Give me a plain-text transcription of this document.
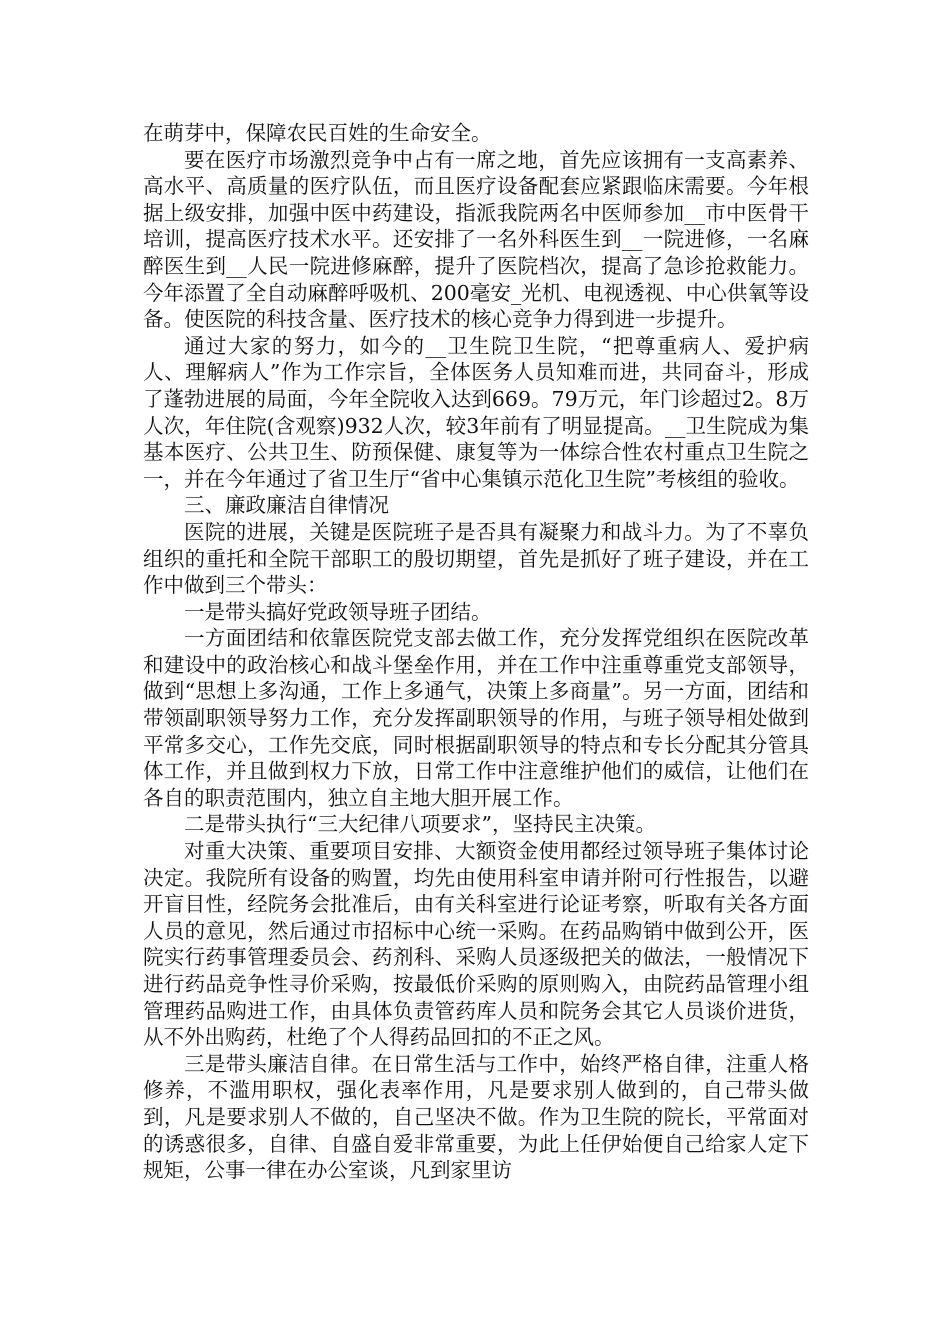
在萌芽中，保障农民百姓的生命安全。

要在医疗市场激烈竞争中占有一席之地，首先应该拥有一支高素养、高水平、高质量的医疗队伍，而且医疗设备配套应紧跟临床需要。今年根据上级安排，加强中医中药建设，指派我院两名中医师参加__市中医骨干培训，提高医疗技术水平。还安排了一名外科医生到__一院进修，一名麻醉医生到__人民一院进修麻醉，提升了医院档次，提高了急诊抢救能力。今年添置了全自动麻醉呼吸机、200毫安_光机、电视透视、中心供氧等设备。使医院的科技含量、医疗技术的核心竞争力得到进一步提升。

通过大家的努力，如今的__卫生院卫生院，“把尊重病人、爱护病人、理解病人”作为工作宗旨，全体医务人员知难而进，共同奋斗，形成了蓬勃进展的局面，今年全院收入达到669。79万元，年门诊超过2。8万人次，年住院(含观察)932人次，较3年前有了明显提高。__卫生院成为集基本医疗、公共卫生、防预保健、康复等为一体综合性农村重点卫生院之一，并在今年通过了省卫生厅“省中心集镇示范化卫生院”考核组的验收。

三、廉政廉洁自律情况

医院的进展，关键是医院班子是否具有凝聚力和战斗力。为了不辜负组织的重托和全院干部职工的殷切期望，首先是抓好了班子建设，并在工作中做到三个带头：

一是带头搞好党政领导班子团结。

一方面团结和依靠医院党支部去做工作，充分发挥党组织在医院改革和建设中的政治核心和战斗堡垒作用，并在工作中注重尊重党支部领导，做到“思想上多沟通，工作上多通气，决策上多商量”。另一方面，团结和带领副职领导努力工作，充分发挥副职领导的作用，与班子领导相处做到平常多交心，工作先交底，同时根据副职领导的特点和专长分配其分管具体工作，并且做到权力下放，日常工作中注意维护他们的威信，让他们在各自的职责范围内，独立自主地大胆开展工作。

二是带头执行“三大纪律八项要求”，坚持民主决策。

对重大决策、重要项目安排、大额资金使用都经过领导班子集体讨论决定。我院所有设备的购置，均先由使用科室申请并附可行性报告，以避开盲目性，经院务会批准后，由有关科室进行论证考察，听取有关各方面人员的意见，然后通过市招标中心统一采购。在药品购销中做到公开，医院实行药事管理委员会、药剂科、采购人员逐级把关的做法，一般情况下进行药品竞争性寻价采购，按最低价采购的原则购入，由院药品管理小组管理药品购进工作，由具体负责管药库人员和院务会其它人员谈价进货，从不外出购药，杜绝了个人得药品回扣的不正之风。

三是带头廉洁自律。在日常生活与工作中，始终严格自律，注重人格修养，不滥用职权，强化表率作用，凡是要求别人做到的，自己带头做到，凡是要求别人不做的，自己坚决不做。作为卫生院的院长，平常面对的诱惑很多，自律、自盛自爱非常重要，为此上任伊始便自己给家人定下规矩，公事一律在办公室谈，凡到家里访
